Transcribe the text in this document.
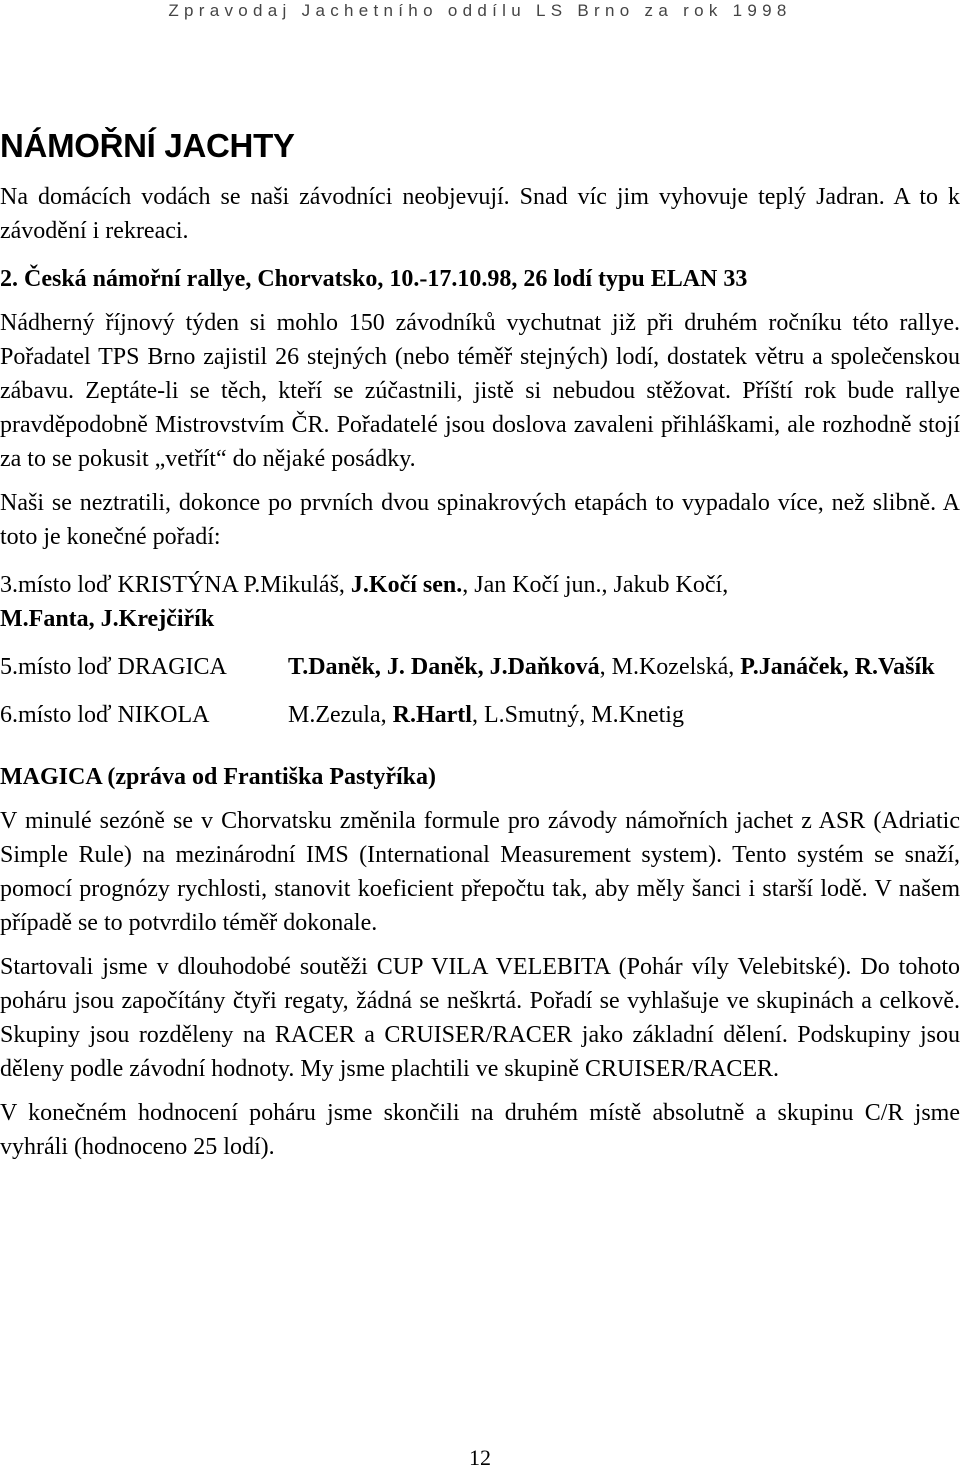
Zpravodaj Jachetního oddílu LS Brno za rok 1998
NÁMOŘNÍ JACHTY

Na domácích vodách se naši závodníci neobjevují. Snad víc jim vyhovuje teplý Jadran. A to k závodění i rekreaci.

2. Česká námořní rallye, Chorvatsko, 10.-17.10.98, 26 lodí typu ELAN 33

Nádherný říjnový týden si mohlo 150 závodníků vychutnat již při druhém ročníku této rallye. Pořadatel TPS Brno zajistil 26 stejných (nebo téměř stejných) lodí, dostatek větru a společenskou zábavu. Zeptáte-li se těch, kteří se zúčastnili, jistě si nebudou stěžovat. Příští rok bude rallye pravděpodobně Mistrovstvím ČR. Pořadatelé jsou doslova zavaleni přihláškami, ale rozhodně stojí za to se pokusit „vetřít“ do nějaké posádky.

Naši se neztratili, dokonce po prvních dvou spinakrových etapách to vypadalo více, než slibně. A toto je konečné pořadí:

3.místo loď KRISTÝNA P.Mikuláš, J.Kočí sen., Jan Kočí jun., Jakub Kočí,
M.Fanta, J.Krejčiřík

5.místo loď DRAGICA	T.Daněk, J. Daněk, J.Daňková, M.Kozelská, P.Janáček, R.Vašík
6.místo loď NIKOLA	M.Zezula, R.Hartl, L.Smutný, M.Knetig

MAGICA (zpráva od Františka Pastyříka)

V minulé sezóně se v Chorvatsku změnila formule pro závody námořních jachet z ASR (Adriatic Simple Rule) na mezinárodní IMS (International Measurement system). Tento systém se snaží, pomocí prognózy rychlosti, stanovit koeficient přepočtu tak, aby měly šanci i starší lodě. V našem případě se to potvrdilo téměř dokonale.

Startovali jsme v dlouhodobé soutěži CUP VILA VELEBITA (Pohár víly Velebitské). Do tohoto poháru jsou započítány čtyři regaty, žádná se neškrtá. Pořadí se vyhlašuje ve skupinách a celkově. Skupiny jsou rozděleny na RACER a CRUISER/RACER jako základní dělení. Podskupiny jsou děleny podle závodní hodnoty. My jsme plachtili ve skupině CRUISER/RACER.

V konečném hodnocení poháru jsme skončili na druhém místě absolutně a skupinu C/R jsme vyhráli (hodnoceno 25 lodí).

12
